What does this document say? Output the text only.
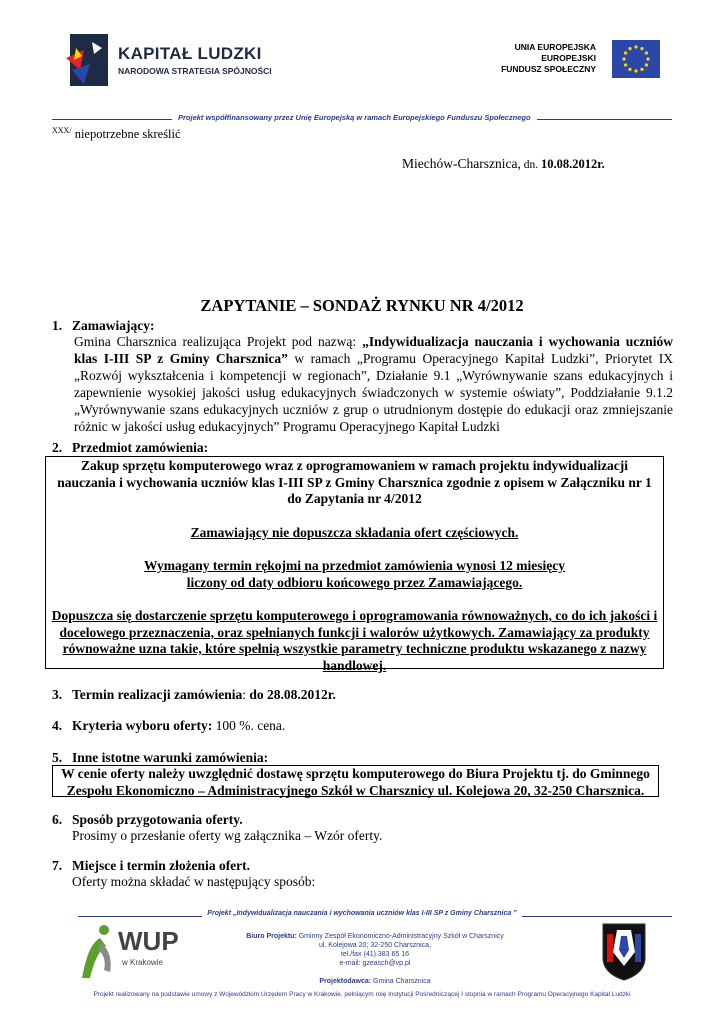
KAPITAŁ LUDZKI
NARODOWA STRATEGIA SPÓJNOŚCI
UNIA EUROPEJSKA
EUROPEJSKI
FUNDUSZ SPOŁECZNY
Projekt współfinansowany przez Unię Europejską w ramach Europejskiego Funduszu Społecznego
$^{XXX/}$ niepotrzebne skreślić
Miechów-Charsznica, dn. 10.08.2012r.
ZAPYTANIE – SONDAŻ RYNKU NR 4/2012
1. Zamawiający:
Gmina Charsznica realizująca Projekt pod nazwą: „Indywidualizacja nauczania i wychowania uczniów klas I-III SP z Gminy Charsznica” w ramach „Programu Operacyjnego Kapitał Ludzki”, Priorytet IX „Rozwój wykształcenia i kompetencji w regionach”, Działanie 9.1 „Wyrównywanie szans edukacyjnych i zapewnienie wysokiej jakości usług edukacyjnych świadczonych w systemie oświaty”, Poddziałanie 9.1.2 „Wyrównywanie szans edukacyjnych uczniów z grup o utrudnionym dostępie do edukacji oraz zmniejszanie różnic w jakości usług edukacyjnych” Programu Operacyjnego Kapitał Ludzki
2. Przedmiot zamówienia:
Zakup sprzętu komputerowego wraz z oprogramowaniem w ramach projektu indywidualizacji nauczania i wychowania uczniów klas I-III SP z Gminy Charsznica zgodnie z opisem w Załączniku nr 1 do Zapytania nr 4/2012
Zamawiający nie dopuszcza składania ofert częściowych.
Wymagany termin rękojmi na przedmiot zamówienia wynosi 12 miesięcy liczony od daty odbioru końcowego przez Zamawiającego.
Dopuszcza się dostarczenie sprzętu komputerowego i oprogramowania równoważnych, co do ich jakości i docelowego przeznaczenia, oraz spełnianych funkcji i walorów użytkowych. Zamawiający za produkty równoważne uzna takie, które spełnią wszystkie parametry techniczne produktu wskazanego z nazwy handlowej.
3. Termin realizacji zamówienia: do 28.08.2012r.
4. Kryteria wyboru oferty: 100 %. cena.
5. Inne istotne warunki zamówienia:
W cenie oferty należy uwzględnić dostawę sprzętu komputerowego do Biura Projektu tj. do Gminnego Zespołu Ekonomiczno – Administracyjnego Szkół w Charsznicy ul. Kolejowa 20, 32-250 Charsznica.
6. Sposób przygotowania oferty.
Prosimy o przesłanie oferty wg załącznika – Wzór oferty.
7. Miejsce i termin złożenia ofert.
Oferty można składać w następujący sposób:
Projekt „Indywidualizacja nauczania i wychowania uczniów klas I-III SP z Gminy Charsznica ”
WUP
w Krakowie
Biuro Projektu: Gminny Zespół Ekonomiczno-Administracyjny Szkół w Charsznicy
ul. Kolejowa 20; 32-250 Charsznica,
tel./fax (41) 383 65 16
e-mail: gzeasch@vp.pl
Projektodawca: Gmina Charsznica
Projekt realizowany na podstawie umowy z Wojewódzkim Urzędem Pracy w Krakowie, pełniącym rolę Instytucji Pośredniczącej I stopnia w ramach Programu Operacyjnego Kapitał Ludzki
